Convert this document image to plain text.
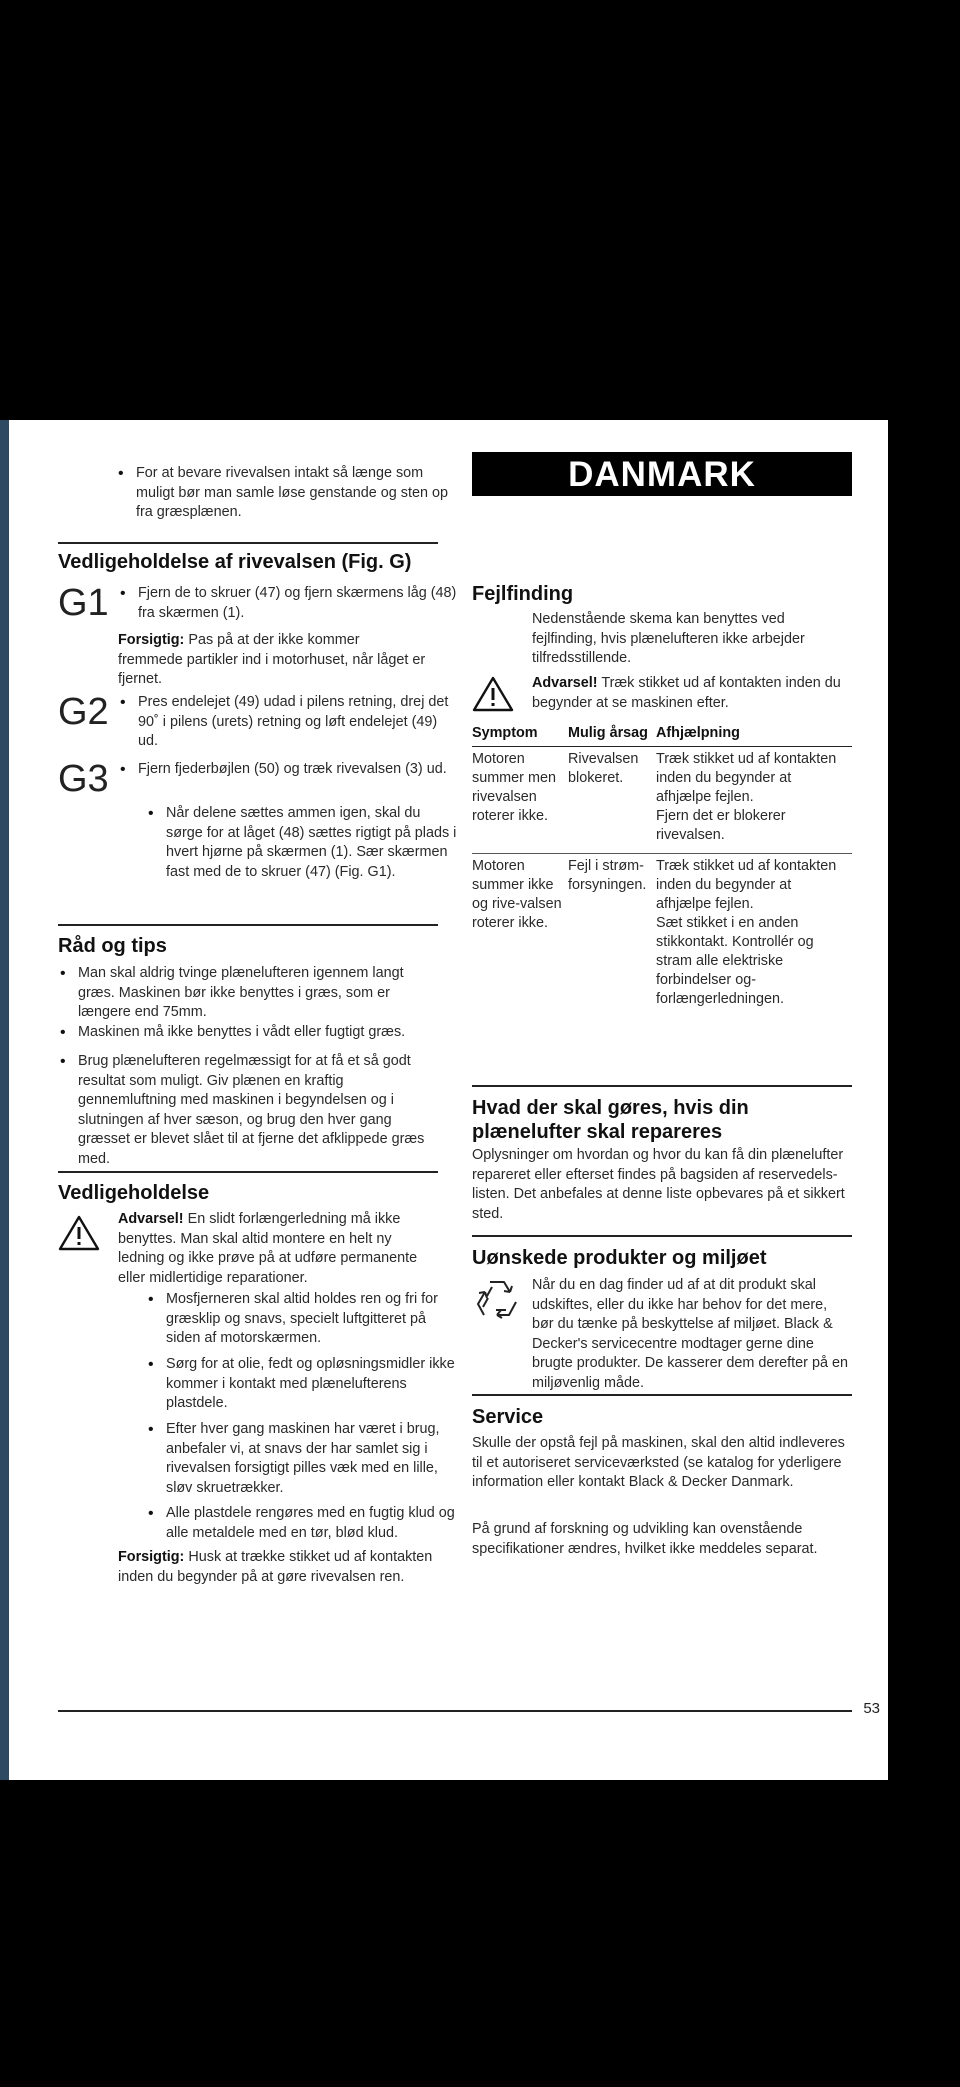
• For at bevare rivevalsen intakt så længe som muligt bør man samle løse genstande og sten op fra græsplænen.

Vedligeholdelse af rivevalsen (Fig. G)
G1	• Fjern de to skruer (47) og fjern skærmens låg (48) fra skærmen (1).

Forsigtig: Pas på at der ikke kommer fremmede partikler ind i motorhuset, når låget er fjernet.

G2	• Pres endelejet (49) udad i pilens retning, drej det 90˚ i pilens (urets) retning og løft endelejet (49) ud.

G3	• Fjern fjederbøjlen (50) og træk rivevalsen (3) ud.

• Når delene sættes ammen igen, skal du sørge for at låget (48) sættes rigtigt på plads i hvert hjørne på skærmen (1). Sær skærmen fast med de to skruer (47) (Fig. G1).

Råd og tips

• Man skal aldrig tvinge plænelufteren igennem langt græs. Maskinen bør ikke benyttes i græs, som er længere end 75mm.

• Maskinen må ikke benyttes i vådt eller fugtigt græs.

• Brug plænelufteren regelmæssigt for at få et så godt resultat som muligt. Giv plænen en kraftig gennemluftning med maskinen i begyndelsen og i slutningen af hver sæson, og brug den hver gang græsset er blevet slået til at fjerne det afklippede græs med.

Vedligeholdelse

Advarsel! En slidt forlængerledning må ikke benyttes. Man skal altid montere en helt ny ledning og ikke prøve på at udføre permanente eller midlertidige reparationer.

• Mosfjerneren skal altid holdes ren og fri for græsklip og snavs, specielt luftgitteret på siden af motorskærmen.

• Sørg for at olie, fedt og opløsningsmidler ikke kommer i kontakt med plænelufterens plastdele.

• Efter hver gang maskinen har været i brug, anbefaler vi, at snavs der har samlet sig i rivevalsen forsigtigt pilles væk med en lille, sløv skruetrækker.

• Alle plastdele rengøres med en fugtig klud og alle metaldele med en tør, blød klud.

Forsigtig: Husk at trække stikket ud af kontakten inden du begynder på at gøre rivevalsen ren.

DANMARK
Fejlfinding

Nedenstående skema kan benyttes ved fejlfinding, hvis plænelufteren ikke arbejder tilfredsstillende.

Advarsel! Træk stikket ud af kontakten inden du begynder at se maskinen efter.

Symptom	Mulig årsag	Afhjælpning
Motoren summer men rivevalsen roterer ikke.	Rivevalsen blokeret.	Træk stikket ud af kontakten inden du begynder at afhjælpe fejlen.
Fjern det er blokerer rivevalsen.

Motoren summer ikke og rive-valsen roterer ikke.	Fejl i strøm-forsyningen.	Træk stikket ud af kontakten inden du begynder at afhjælpe fejlen.
Sæt stikket i en anden stikkontakt. Kontrollér og stram alle elektriske forbindelser og-forlængerledningen.
Hvad der skal gøres, hvis din plænelufter skal repareres

Oplysninger om hvordan og hvor du kan få din plænelufter repareret eller efterset findes på bagsiden af reservedels-listen. Det anbefales at denne liste opbevares på et sikkert sted.

Uønskede produkter og miljøet

Når du en dag finder ud af at dit produkt skal udskiftes, eller du ikke har behov for det mere, bør du tænke på beskyttelse af miljøet. Black & Decker's servicecentre modtager gerne dine brugte produkter. De kasserer dem derefter på en miljøvenlig måde.

Service

Skulle der opstå fejl på maskinen, skal den altid indleveres til et autoriseret serviceværksted (se katalog for yderligere information eller kontakt Black & Decker Danmark.

På grund af forskning og udvikling kan ovenstående specifikationer ændres, hvilket ikke meddeles separat.

53
